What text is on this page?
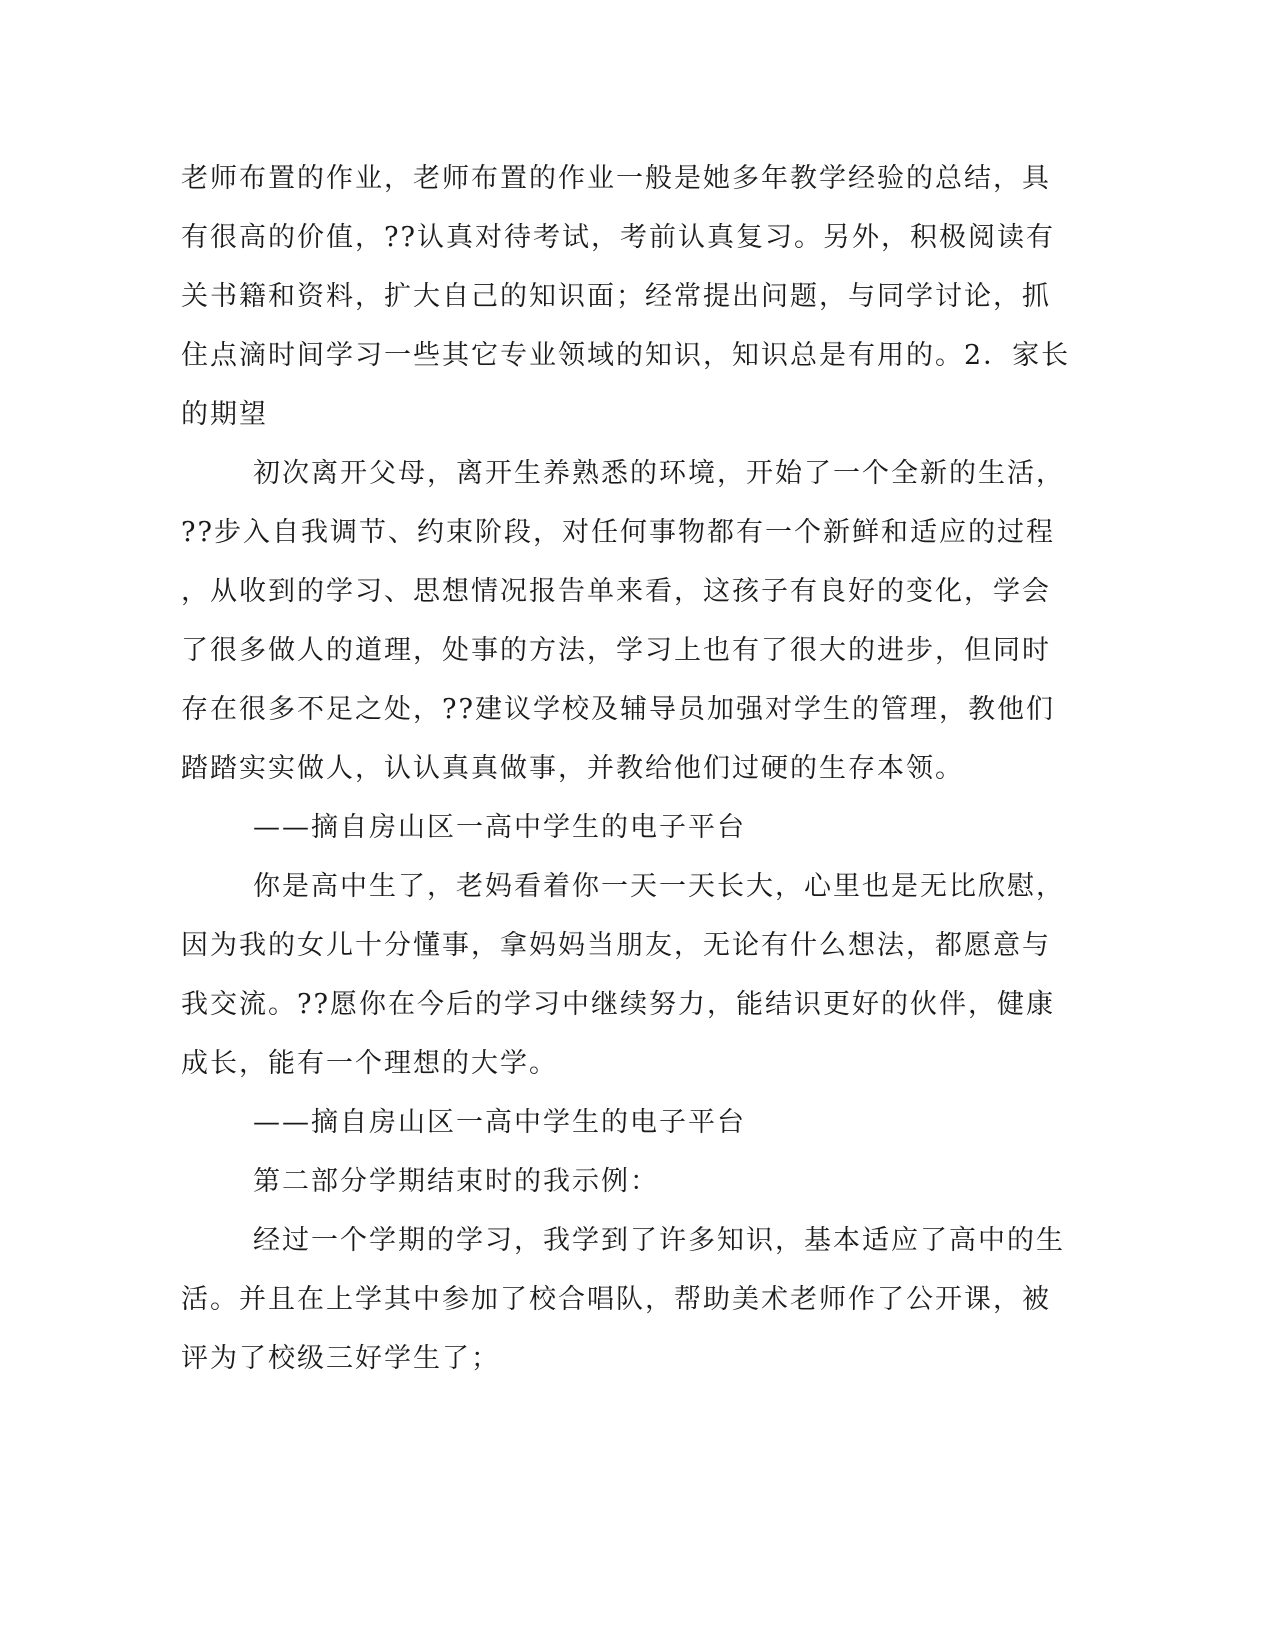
老师布置的作业，老师布置的作业一般是她多年教学经验的总结，具
有很高的价值，??认真对待考试，考前认真复习。另外，积极阅读有
关书籍和资料，扩大自己的知识面；经常提出问题，与同学讨论，抓
住点滴时间学习一些其它专业领域的知识，知识总是有用的。2．家长
的期望
初次离开父母，离开生养熟悉的环境，开始了一个全新的生活，
??步入自我调节、约束阶段，对任何事物都有一个新鲜和适应的过程
，从收到的学习、思想情况报告单来看，这孩子有良好的变化，学会
了很多做人的道理，处事的方法，学习上也有了很大的进步，但同时
存在很多不足之处，??建议学校及辅导员加强对学生的管理，教他们
踏踏实实做人，认认真真做事，并教给他们过硬的生存本领。
——摘自房山区一高中学生的电子平台
你是高中生了，老妈看着你一天一天长大，心里也是无比欣慰，
因为我的女儿十分懂事，拿妈妈当朋友，无论有什么想法，都愿意与
我交流。??愿你在今后的学习中继续努力，能结识更好的伙伴，健康
成长，能有一个理想的大学。
——摘自房山区一高中学生的电子平台
第二部分学期结束时的我示例：
经过一个学期的学习，我学到了许多知识，基本适应了高中的生
活。并且在上学其中参加了校合唱队，帮助美术老师作了公开课，被
评为了校级三好学生了；
